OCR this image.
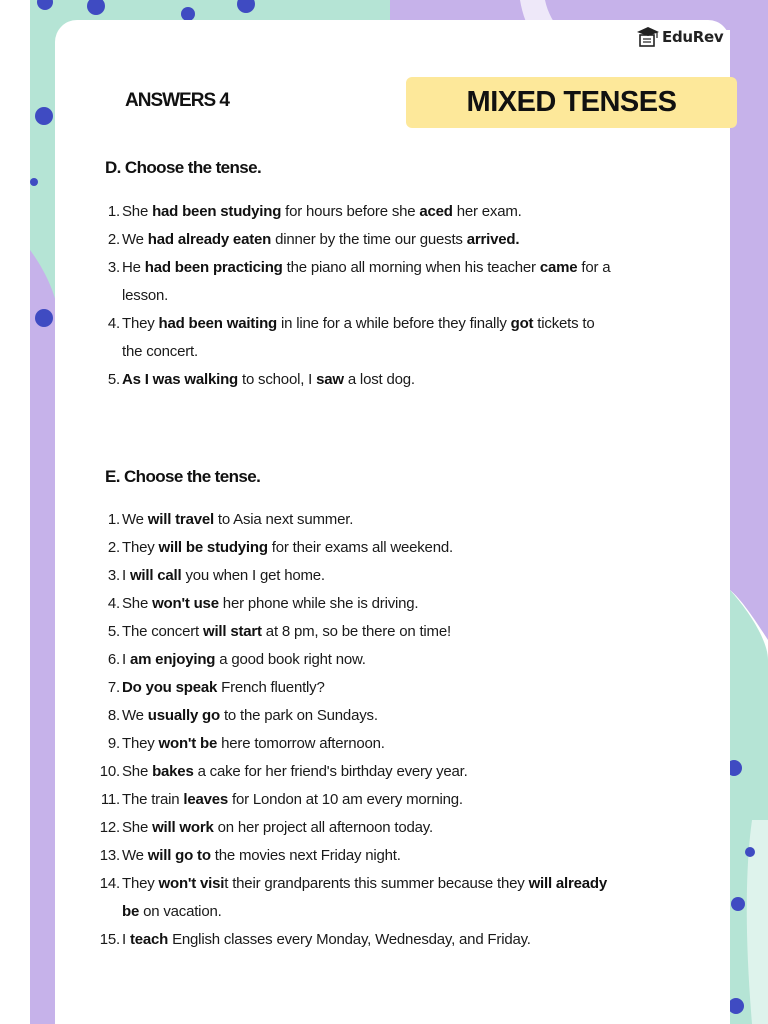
EduRev
ANSWERS 4	MIXED TENSES
D. Choose the tense.
1. She had been studying for hours before she aced her exam.
2. We had already eaten dinner by the time our guests arrived.
3. He had been practicing the piano all morning when his teacher came for a lesson.
4. They had been waiting in line for a while before they finally got tickets to the concert.
5. As I was walking to school, I saw a lost dog.
E. Choose the tense.
1. We will travel to Asia next summer.
2. They will be studying for their exams all weekend.
3. I will call you when I get home.
4. She won't use her phone while she is driving.
5. The concert will start at 8 pm, so be there on time!
6. I am enjoying a good book right now.
7. Do you speak French fluently?
8. We usually go to the park on Sundays.
9. They won't be here tomorrow afternoon.
10. She bakes a cake for her friend's birthday every year.
11. The train leaves for London at 10 am every morning.
12. She will work on her project all afternoon today.
13. We will go to the movies next Friday night.
14. They won't visit their grandparents this summer because they will already be on vacation.
15. I teach English classes every Monday, Wednesday, and Friday.
